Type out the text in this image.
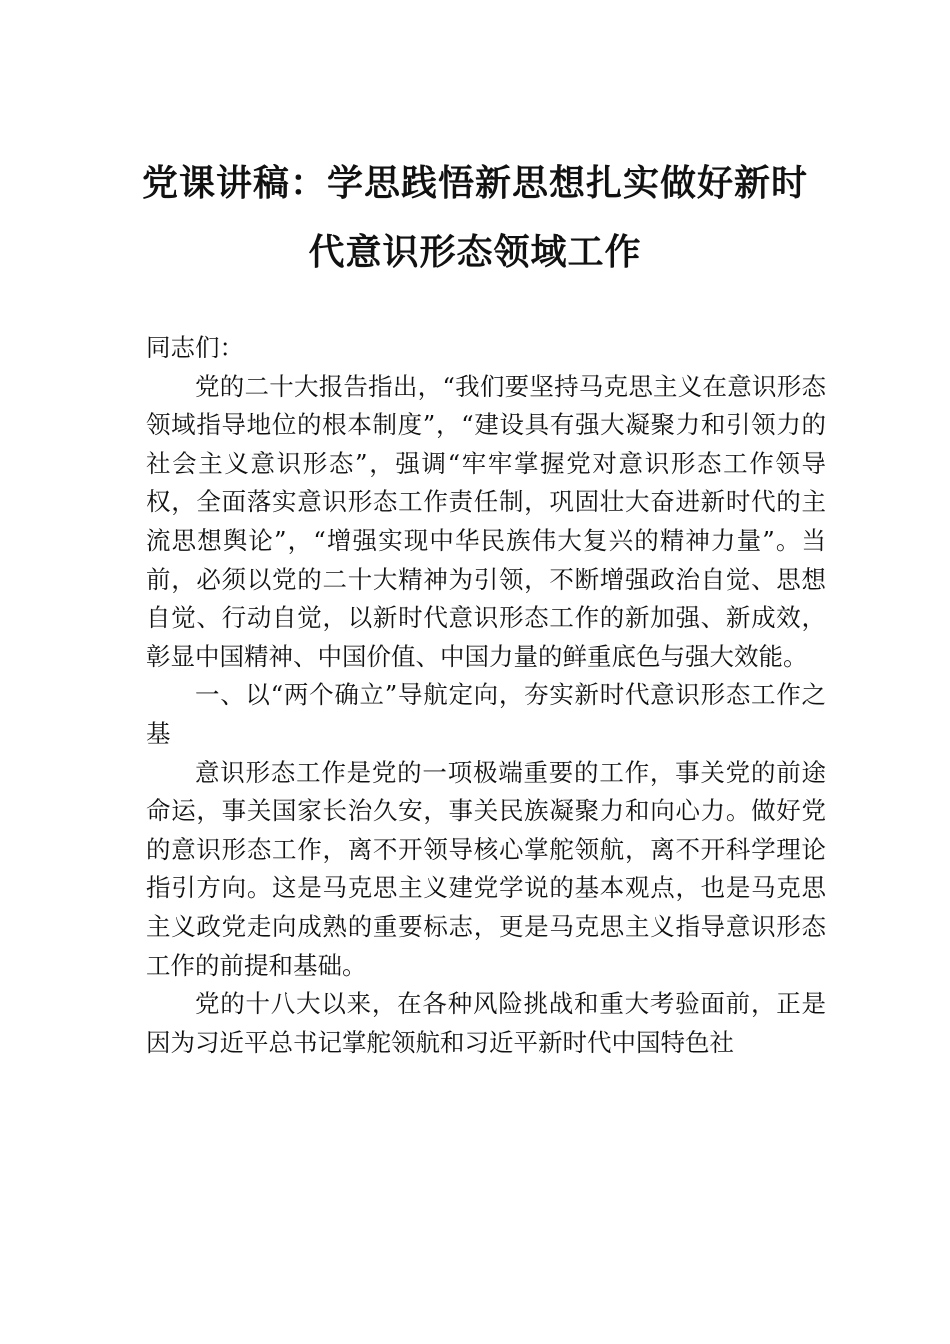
党课讲稿：学思践悟新思想扎实做好新时
代意识形态领域工作

同志们：

党的二十大报告指出，“我们要坚持马克思主义在意识形态领域指导地位的根本制度”，“建设具有强大凝聚力和引领力的社会主义意识形态”，强调“牢牢掌握党对意识形态工作领导权，全面落实意识形态工作责任制，巩固壮大奋进新时代的主流思想舆论”，“增强实现中华民族伟大复兴的精神力量”。当前，必须以党的二十大精神为引领，不断增强政治自觉、思想自觉、行动自觉，以新时代意识形态工作的新加强、新成效，彰显中国精神、中国价值、中国力量的鲜重底色与强大效能。

一、以“两个确立”导航定向，夯实新时代意识形态工作之基

意识形态工作是党的一项极端重要的工作，事关党的前途命运，事关国家长治久安，事关民族凝聚力和向心力。做好党的意识形态工作，离不开领导核心掌舵领航，离不开科学理论指引方向。这是马克思主义建党学说的基本观点，也是马克思主义政党走向成熟的重要标志，更是马克思主义指导意识形态工作的前提和基础。

党的十八大以来，在各种风险挑战和重大考验面前，正是因为习近平总书记掌舵领航和习近平新时代中国特色社
